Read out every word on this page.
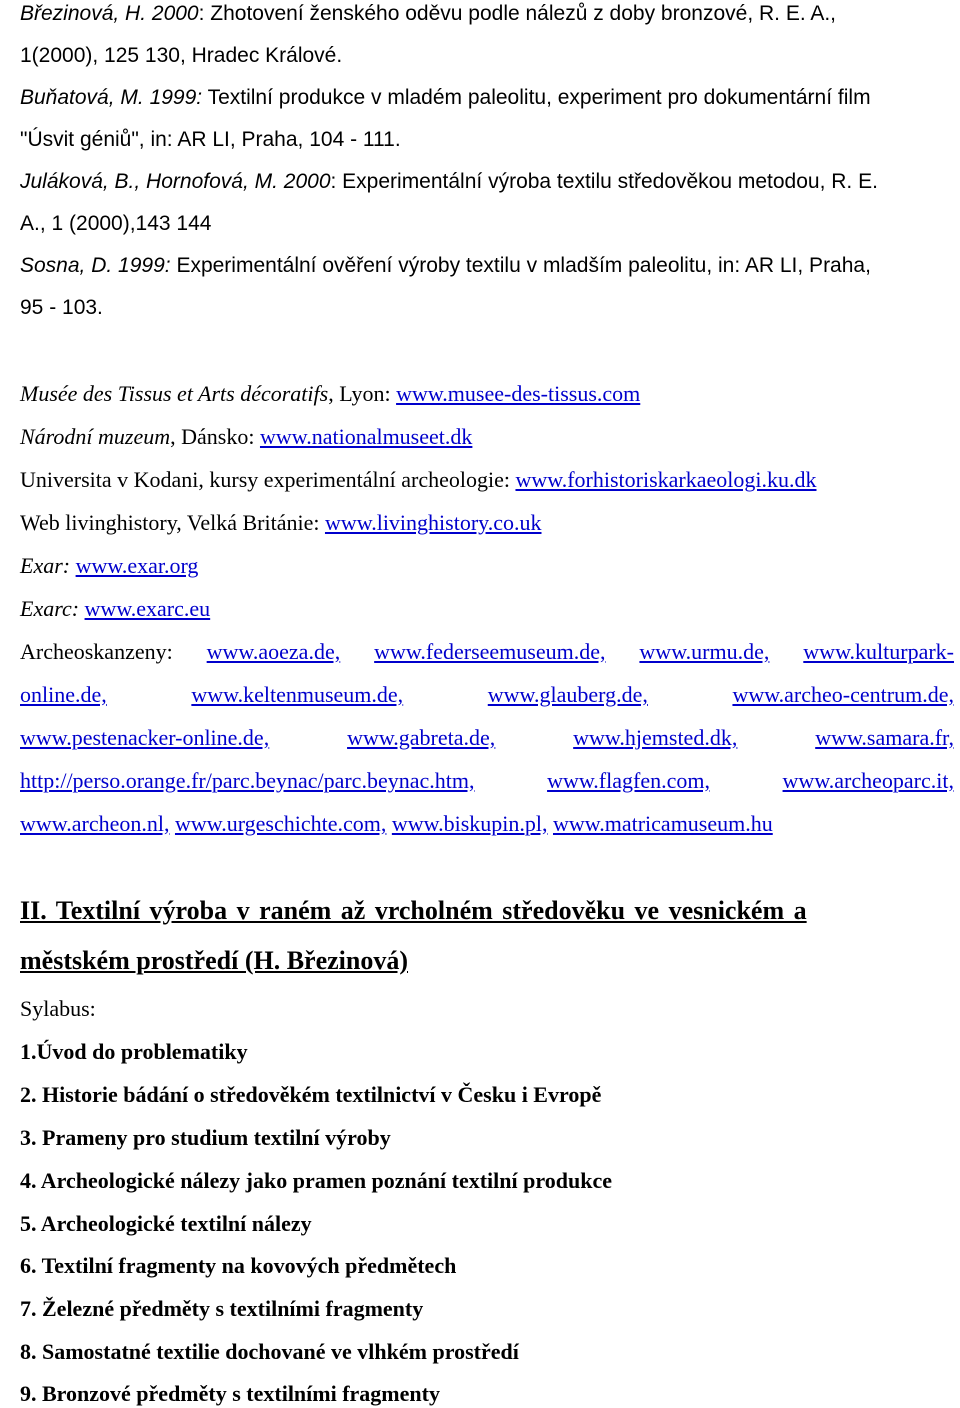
Březinová, H. 2000: Zhotovení ženského oděvu podle nálezů z doby bronzové, R. E. A.,
1(2000), 125 130, Hradec Králové.
Buňatová, M. 1999: Textilní produkce v mladém paleolitu, experiment pro dokumentární film
"Úsvit géniů", in: AR LI, Praha, 104 - 111.
Juláková, B., Hornofová, M. 2000: Experimentální výroba textilu středověkou metodou, R. E.
A., 1 (2000),143 144
Sosna, D. 1999: Experimentální ověření výroby textilu v mladším paleolitu, in: AR LI, Praha,
95 - 103.
Musée des Tissus et Arts décoratifs, Lyon: www.musee-des-tissus.com
Národní muzeum, Dánsko: www.nationalmuseet.dk
Universita v Kodani, kursy experimentální archeologie: www.forhistoriskarkaeologi.ku.dk
Web livinghistory, Velká Británie: www.livinghistory.co.uk
Exar: www.exar.org
Exarc: www.exarc.eu
Archeoskanzeny: www.aoeza.de, www.federseemuseum.de, www.urmu.de, www.kulturpark-
online.de,	www.keltenmuseum.de,	www.glauberg.de,	www.archeo-centrum.de,
www.pestenacker-online.de,	www.gabreta.de,	www.hjemsted.dk,	www.samara.fr,
http://perso.orange.fr/parc.beynac/parc.beynac.htm,	www.flagfen.com,	www.archeoparc.it,
www.archeon.nl, www.urgeschichte.com, www.biskupin.pl, www.matricamuseum.hu
II. Textilní výroba v raném až vrcholném středověku ve vesnickém a
městském prostředí (H. Březinová)
Sylabus:
1.Úvod do problematiky
2. Historie bádání o středověkém textilnictví v Česku i Evropě
3. Prameny pro studium textilní výroby
4. Archeologické nálezy jako pramen poznání textilní produkce
5. Archeologické textilní nálezy
6. Textilní fragmenty na kovových předmětech
7. Železné předměty s textilními fragmenty
8. Samostatné textilie dochované ve vlhkém prostředí
9. Bronzové předměty s textilními fragmenty
